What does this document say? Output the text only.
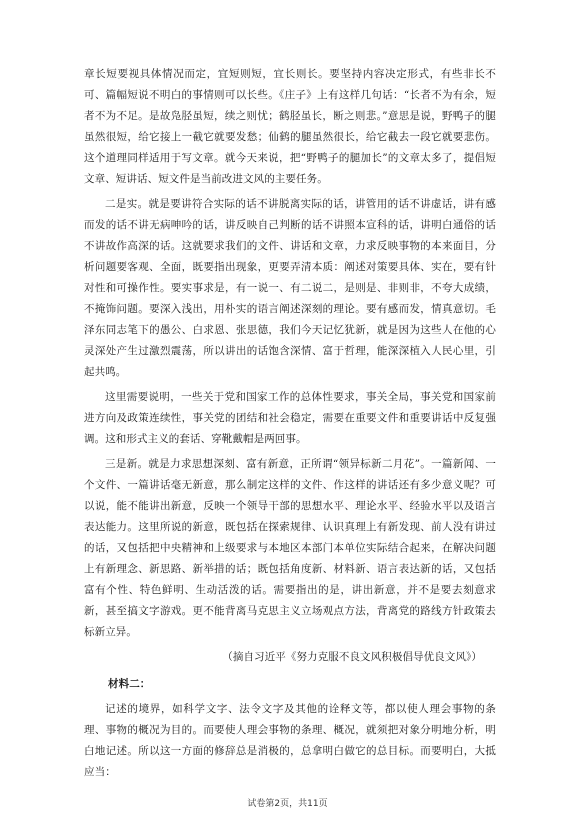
章长短要视具体情况而定，宜短则短，宜长则长。要坚持内容决定形式，有些非长不可、篇幅短说不明白的事情则可以长些。《庄子》上有这样几句话：“长者不为有余，短者不为不足。是故凫胫虽短，续之则忧；鹤胫虽长，断之则悲。”意思是说，野鸭子的腿虽然很短，给它接上一截它就要发愁；仙鹤的腿虽然很长，给它截去一段它就要悲伤。这个道理同样适用于写文章。就今天来说，把“野鸭子的腿加长”的文章太多了，提倡短文章、短讲话、短文件是当前改进文风的主要任务。

二是实。就是要讲符合实际的话不讲脱离实际的话，讲管用的话不讲虚话，讲有感而发的话不讲无病呻吟的话，讲反映自己判断的话不讲照本宣科的话，讲明白通俗的话不讲故作高深的话。这就要求我们的文件、讲话和文章，力求反映事物的本来面目，分析问题要客观、全面，既要指出现象，更要弄清本质：阐述对策要具体、实在，要有针对性和可操作性。要实事求是，有一说一、有二说二，是则是、非则非，不夸大成绩，不掩饰问题。要深入浅出，用朴实的语言阐述深刻的理论。要有感而发，情真意切。毛泽东同志笔下的愚公、白求恩、张思德，我们今天记忆犹新，就是因为这些人在他的心灵深处产生过激烈震荡，所以讲出的话饱含深情、富于哲理，能深深植入人民心里，引起共鸣。

这里需要说明，一些关于党和国家工作的总体性要求，事关全局，事关党和国家前进方向及政策连续性，事关党的团结和社会稳定，需要在重要文件和重要讲话中反复强调。这和形式主义的套话、穿靴戴帽是两回事。

三是新。就是力求思想深刻、富有新意，正所谓“领异标新二月花”。一篇新闻、一个文件、一篇讲话毫无新意，那么制定这样的文件、作这样的讲话还有多少意义呢？可以说，能不能讲出新意，反映一个领导干部的思想水平、理论水平、经验水平以及语言表达能力。这里所说的新意，既包括在探索规律、认识真理上有新发现、前人没有讲过的话，又包括把中央精神和上级要求与本地区本部门本单位实际结合起来，在解决问题上有新理念、新思路、新举措的话；既包括角度新、材料新、语言表达新的话，又包括富有个性、特色鲜明、生动活泼的话。需要指出的是，讲出新意，并不是要去刻意求新，甚至搞文字游戏。更不能背离马克思主义立场观点方法，背离党的路线方针政策去标新立异。

（摘自习近平《努力克服不良文风积极倡导优良文风》）

材料二：

记述的境界，如科学文字、法令文字及其他的诠释文等，都以使人理会事物的条理、事物的概况为目的。而要使人理会事物的条理、概况，就须把对象分明地分析，明白地记述。所以这一方面的修辞总是消极的，总拿明白做它的总目标。而要明白，大抵应当：

试卷第2页，共11页
